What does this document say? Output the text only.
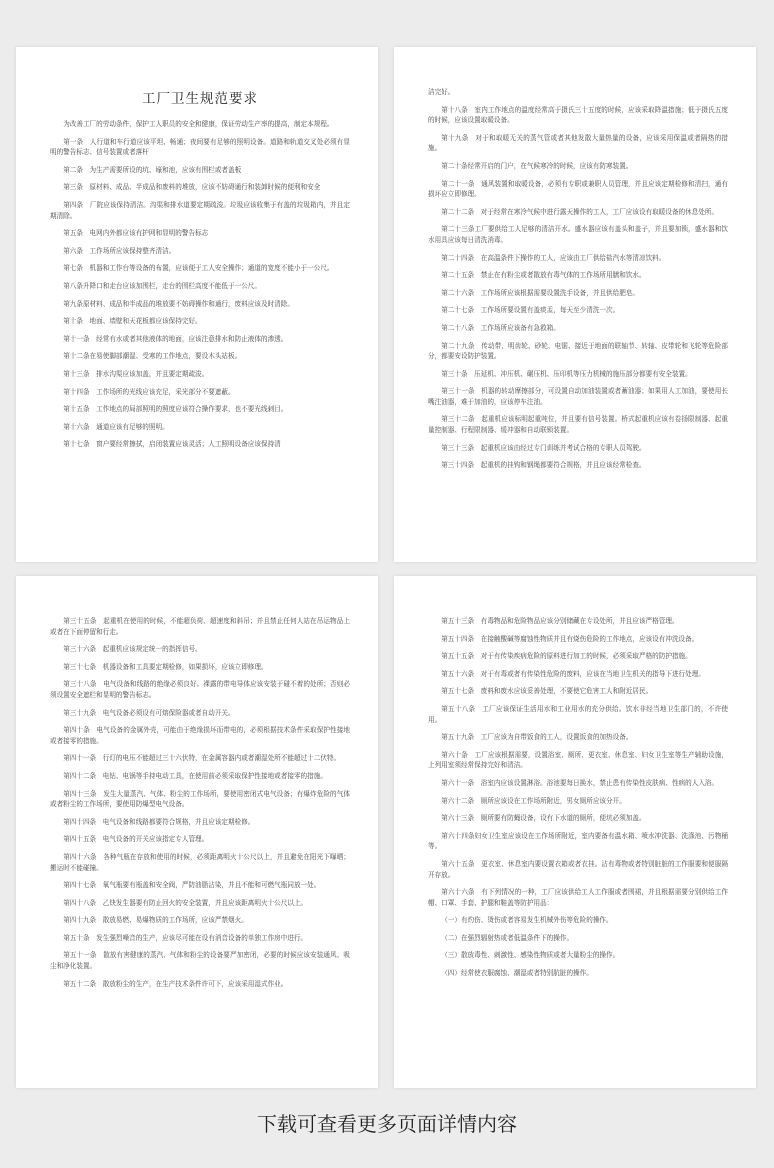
工厂卫生规范要求

为改善工厂的劳动条件，保护工人职员的安全和健康，保证劳动生产率的提高，制定本规程。

第一条　人行道和车行道应该平坦、畅通；夜间要有足够的照明设备。道路和轨道交叉处必须有显明的警告标志、信号装置或者落杆

第二条　为生产需要所设的坑、壕和池，应该有围栏或者盖板

第三条　原材料、成品、半成品和废料的堆放，应该不妨碍通行和装卸时候的便利和安全

第四条　厂院应该保持清洁。沟渠和排水道要定期疏浚。垃圾应该收集于有盖的垃圾箱内，并且定期清除。

第五条　电网内外都应该有护网和显明的警告标志

第六条　工作场所应该保持整齐清洁。

第七条　机器和工作台等设备的布置，应该便于工人安全操作；通道的宽度不能小于一公尺。

第八条升降口和走台应该加围栏，走台的围栏高度不能低于一公尺。

第九条原材料、成品和半成品的堆放要不妨碍操作和通行，废料应该及时清除。

第十条　地面、墙壁和天花板都应该保持完好。

第十一条　经常有水或者其他液体的地面，应该注意排水和防止液体的渗透。

第十二条在易使脚部潮湿、受寒的工作地点，要设木头站板。

第十三条　排水沟渠应该加盖，并且要定期疏浚。

第十四条　工作场所的光线应该充足，采光部分不要遮蔽。

第十五条　工作地点的局部照明的照度应该符合操作要求，也不要光线刺目。

第十六条　通道应该有足够的照明。

第十七条　窗户要经常擦拭，启闭装置应该灵活；人工照明设备应该保持清

洁完好。

第十八条　室内工作地点的温度经常高于摄氏三十五度的时候，应该采取降温措施；低于摄氏五度的时候，应该设置取暖设备。

第十九条　对于和取暖无关的蒸气管或者其他发散大量热量的设备，应该采用保温或者隔热的措施。

第二十条经常开启的门户，在气候寒冷的时候，应该有防寒装置。

第二十一条　通风装置和取暖设备，必须有专职或兼职人员管理，并且应该定期检修和清扫，通有损坏应立即修理。

第二十二条　对于经常在寒冷气候中进行露天操作的工人，工厂应该设有取暖设备的休息处所。

第二十三条工厂要供给工人足够的清洁开水。盛水器应该有盖头和盖子，并且要加锁，盛水器和饮水用具应该每日清洗消毒。

第二十四条　在高温条件下操作的工人，应该由工厂供给盐汽水等清凉饮料。

第二十五条　禁止在有粉尘或者散放有毒气体的工作场所用膳和饮水。

第二十六条　工作场所应该根据需要设置洗手设备，并且供给肥皂。

第二十七条　工作场所要设置有盖痰盂，每天至少清洗一次。

第二十八条　工作场所应该备有急救箱。

第二十九条　传动带、明齿轮、砂轮、电锯、接近于地面的联轴节、转轴、皮带轮和飞轮等危险部分，都要安设防护装置。

第三十条　压延机、冲压机、碾压机、压印机等压力机械的施压部分都要有安全装置。

第三十一条　机器的转动摩擦部分，可设置自动加油装置或者蓄油器；如果用人工加油，要使用长嘴注油器，难于加油的，应该停车注油。

第三十二条　起重机应该标明起重吨位，并且要有信号装置。桥式起重机应该有卷扬限制器、起重量控制器、行程限制器、缓冲器和自动联锁装置。

第三十三条　起重机应该由经过专门训练并考试合格的专职人员驾驶。

第三十四条　起重机的挂钩和钢绳都要符合规格，并且应该经常检查。

第三十五条　起重机在使用的时候，不能超负荷、超速度和斜吊；并且禁止任何人站在吊运物品上或者在下面停留和行走。

第三十六条　起重机应该规定统一的指挥信号。

第三十七条　机器设备和工具要定期检修，如果损坏，应该立即修理。

第三十八条　电气设备和线路的绝缘必须良好。裸露的带电导体应该安装于碰不着的处所；否则必须设置安全遮栏和显明的警告标志。

第三十九条　电气设备必须设有可熔保险器或者自动开关。

第四十条　电气设备的金属外壳，可能由于绝缘损坏而带电的，必须根据技术条件采取保护性接地或者接零的措施。

第四十一条　行灯的电压不能超过三十六伏特，在金属容器内或者潮湿处所不能超过十二伏特。

第四十二条　电钻、电锅等手持电动工具，在使用前必须采取保护性接地或者接零的措施。

第四十三条　发生大量蒸汽、气体、粉尘的工作场所，要使用密闭式电气设备；有爆炸危险的气体或者粉尘的工作场所，要使用防爆型电气设备。

第四十四条　电气设备和线路都要符合规格，并且应该定期检修。

第四十五条　电气设备的开关应该指定专人管理。

第四十六条　各种气瓶在存放和使用的时候，必须距离明火十公尺以上，并且避免在阳光下曝晒；搬运时不能碰撞。

第四十七条　氧气瓶要有瓶盖和安全阀，严防油脂沾染，并且不能和可燃气瓶同放一处。

第四十八条　乙炔发生器要有防止回火的安全装置，并且应该距离明火十公尺以上。

第四十九条　散放易燃、易爆物质的工作场所，应该严禁烟火。

第五十条　发生强烈噪音的生产，应该尽可能在设有消音设备的单独工作房中进行。

第五十一条　散放有害健康的蒸汽、气体和粉尘的设备要严加密闭，必要的时候应该安装通风、吸尘和净化装置。

第五十二条　散放粉尘的生产，在生产技术条件许可下，应该采用湿式作业。

第五十三条　有毒物品和危险物品应该分别储藏在专设处所，并且应该严格管理。

第五十四条　在接触酸碱等腐蚀性物质并且有烧伤危险的工作地点，应该设有冲洗设备。

第五十五条　对于有传染疾病危险的原料进行加工的时候，必须采取严格的防护措施。

第五十六条　对于有毒或者有传染性危险的废料，应该在当地卫生机关的指导下进行处理。

第五十七条　废料和废水应该妥善处理，不要使它危害工人和附近居民。

第五十八条　工厂应该保证生活用水和工业用水的充分供给。饮水非经当地卫生部门的，不许使用。

第五十九条　工厂应该为自带饭食的工人，设置饭食的加热设备。

第六十条　工厂应该根据需要，设置浴室、厕所、更衣室、休息室、妇女卫生室等生产辅助设施，上列用室须经常保持完好和清洁。

第六十一条　浴室内应该设置淋浴。浴池要每日换水，禁止患有传染性皮肤病、性病的人入浴。

第六十二条　厕所应该设在工作场所附近，男女厕所应该分开。

第六十三条　厕所要有防蝇设备，设有下水道的厕所，便坑必须加盖。

第六十四条妇女卫生室应该设在工作场所附近，室内要备有温水箱、喷水冲洗器、洗涤池、污物桶等。

第六十五条　更衣室、休息室内要设置衣箱或者衣挂。沾有毒物或者特别脏脏的工作服要和便服隔开存放。

第六十六条　有下列情况的一种，工厂应该供给工人工作服或者围裙，并且根据需要分别供给工作帽、口罩、手套、护腿和鞋盖等防护用品：

（一）有灼伤、烫伤或者容易发生机械外伤等危险的操作。

（二）在强烈辐射热或者低温条件下的操作。

（三）散放毒性、刺激性、感染性物质或者大量粉尘的操作。

（四）经常使衣服腐蚀、潮湿或者特别肮脏的操作。

下载可查看更多页面详情内容
